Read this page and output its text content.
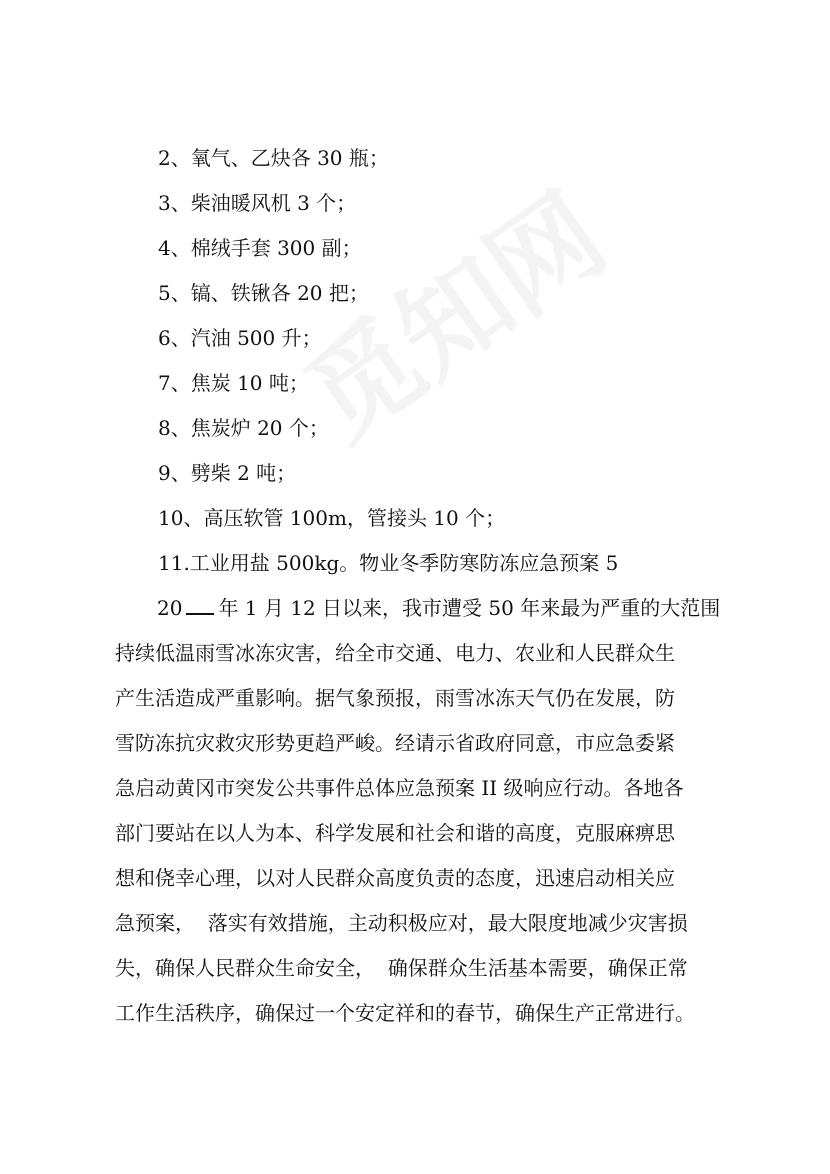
2、氧气、乙炔各 30 瓶；
3、柴油暖风机 3 个；
4、棉绒手套 300 副；
5、镐、铁锹各 20 把；
6、汽油 500 升；
7、焦炭 10 吨；
8、焦炭炉 20 个；
9、劈柴 2 吨；
10、高压软管 100m，管接头 10 个；
11.工业用盐 500kg。物业冬季防寒防冻应急预案 5
20 年 1 月 12 日以来，我市遭受 50 年来最为严重的大范围
持续低温雨雪冰冻灾害，给全市交通、电力、农业和人民群众生
产生活造成严重影响。据气象预报，雨雪冰冻天气仍在发展，防
雪防冻抗灾救灾形势更趋严峻。经请示省政府同意，市应急委紧
急启动黄冈市突发公共事件总体应急预案 II 级响应行动。各地各
部门要站在以人为本、科学发展和社会和谐的高度，克服麻痹思
想和侥幸心理，以对人民群众高度负责的态度，迅速启动相关应
急预案，  落实有效措施，主动积极应对，最大限度地减少灾害损
失，确保人民群众生命安全，  确保群众生活基本需要，确保正常
工作生活秩序，确保过一个安定祥和的春节，确保生产正常进行。
